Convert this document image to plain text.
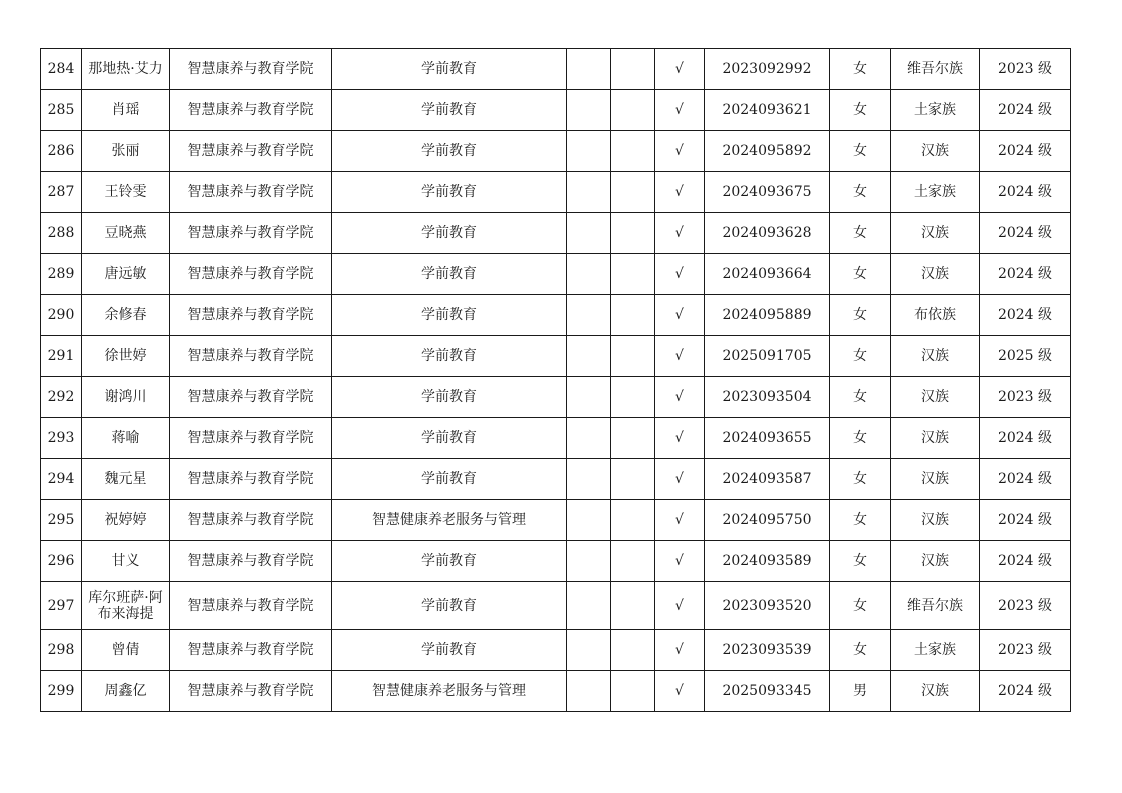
284	那地热·艾力	智慧康养与教育学院	学前教育			√	2023092992	女	维吾尔族	2023 级
285	肖瑶	智慧康养与教育学院	学前教育			√	2024093621	女	土家族	2024 级
286	张丽	智慧康养与教育学院	学前教育			√	2024095892	女	汉族	2024 级
287	王铃雯	智慧康养与教育学院	学前教育			√	2024093675	女	土家族	2024 级
288	豆晓燕	智慧康养与教育学院	学前教育			√	2024093628	女	汉族	2024 级
289	唐远敏	智慧康养与教育学院	学前教育			√	2024093664	女	汉族	2024 级
290	余修春	智慧康养与教育学院	学前教育			√	2024095889	女	布依族	2024 级
291	徐世婷	智慧康养与教育学院	学前教育			√	2025091705	女	汉族	2025 级
292	谢鸿川	智慧康养与教育学院	学前教育			√	2023093504	女	汉族	2023 级
293	蒋喻	智慧康养与教育学院	学前教育			√	2024093655	女	汉族	2024 级
294	魏元星	智慧康养与教育学院	学前教育			√	2024093587	女	汉族	2024 级
295	祝婷婷	智慧康养与教育学院	智慧健康养老服务与管理			√	2024095750	女	汉族	2024 级
296	甘义	智慧康养与教育学院	学前教育			√	2024093589	女	汉族	2024 级
297	库尔班萨·阿布来海提	智慧康养与教育学院	学前教育			√	2023093520	女	维吾尔族	2023 级
298	曾倩	智慧康养与教育学院	学前教育			√	2023093539	女	土家族	2023 级
299	周鑫亿	智慧康养与教育学院	智慧健康养老服务与管理			√	2025093345	男	汉族	2024 级
